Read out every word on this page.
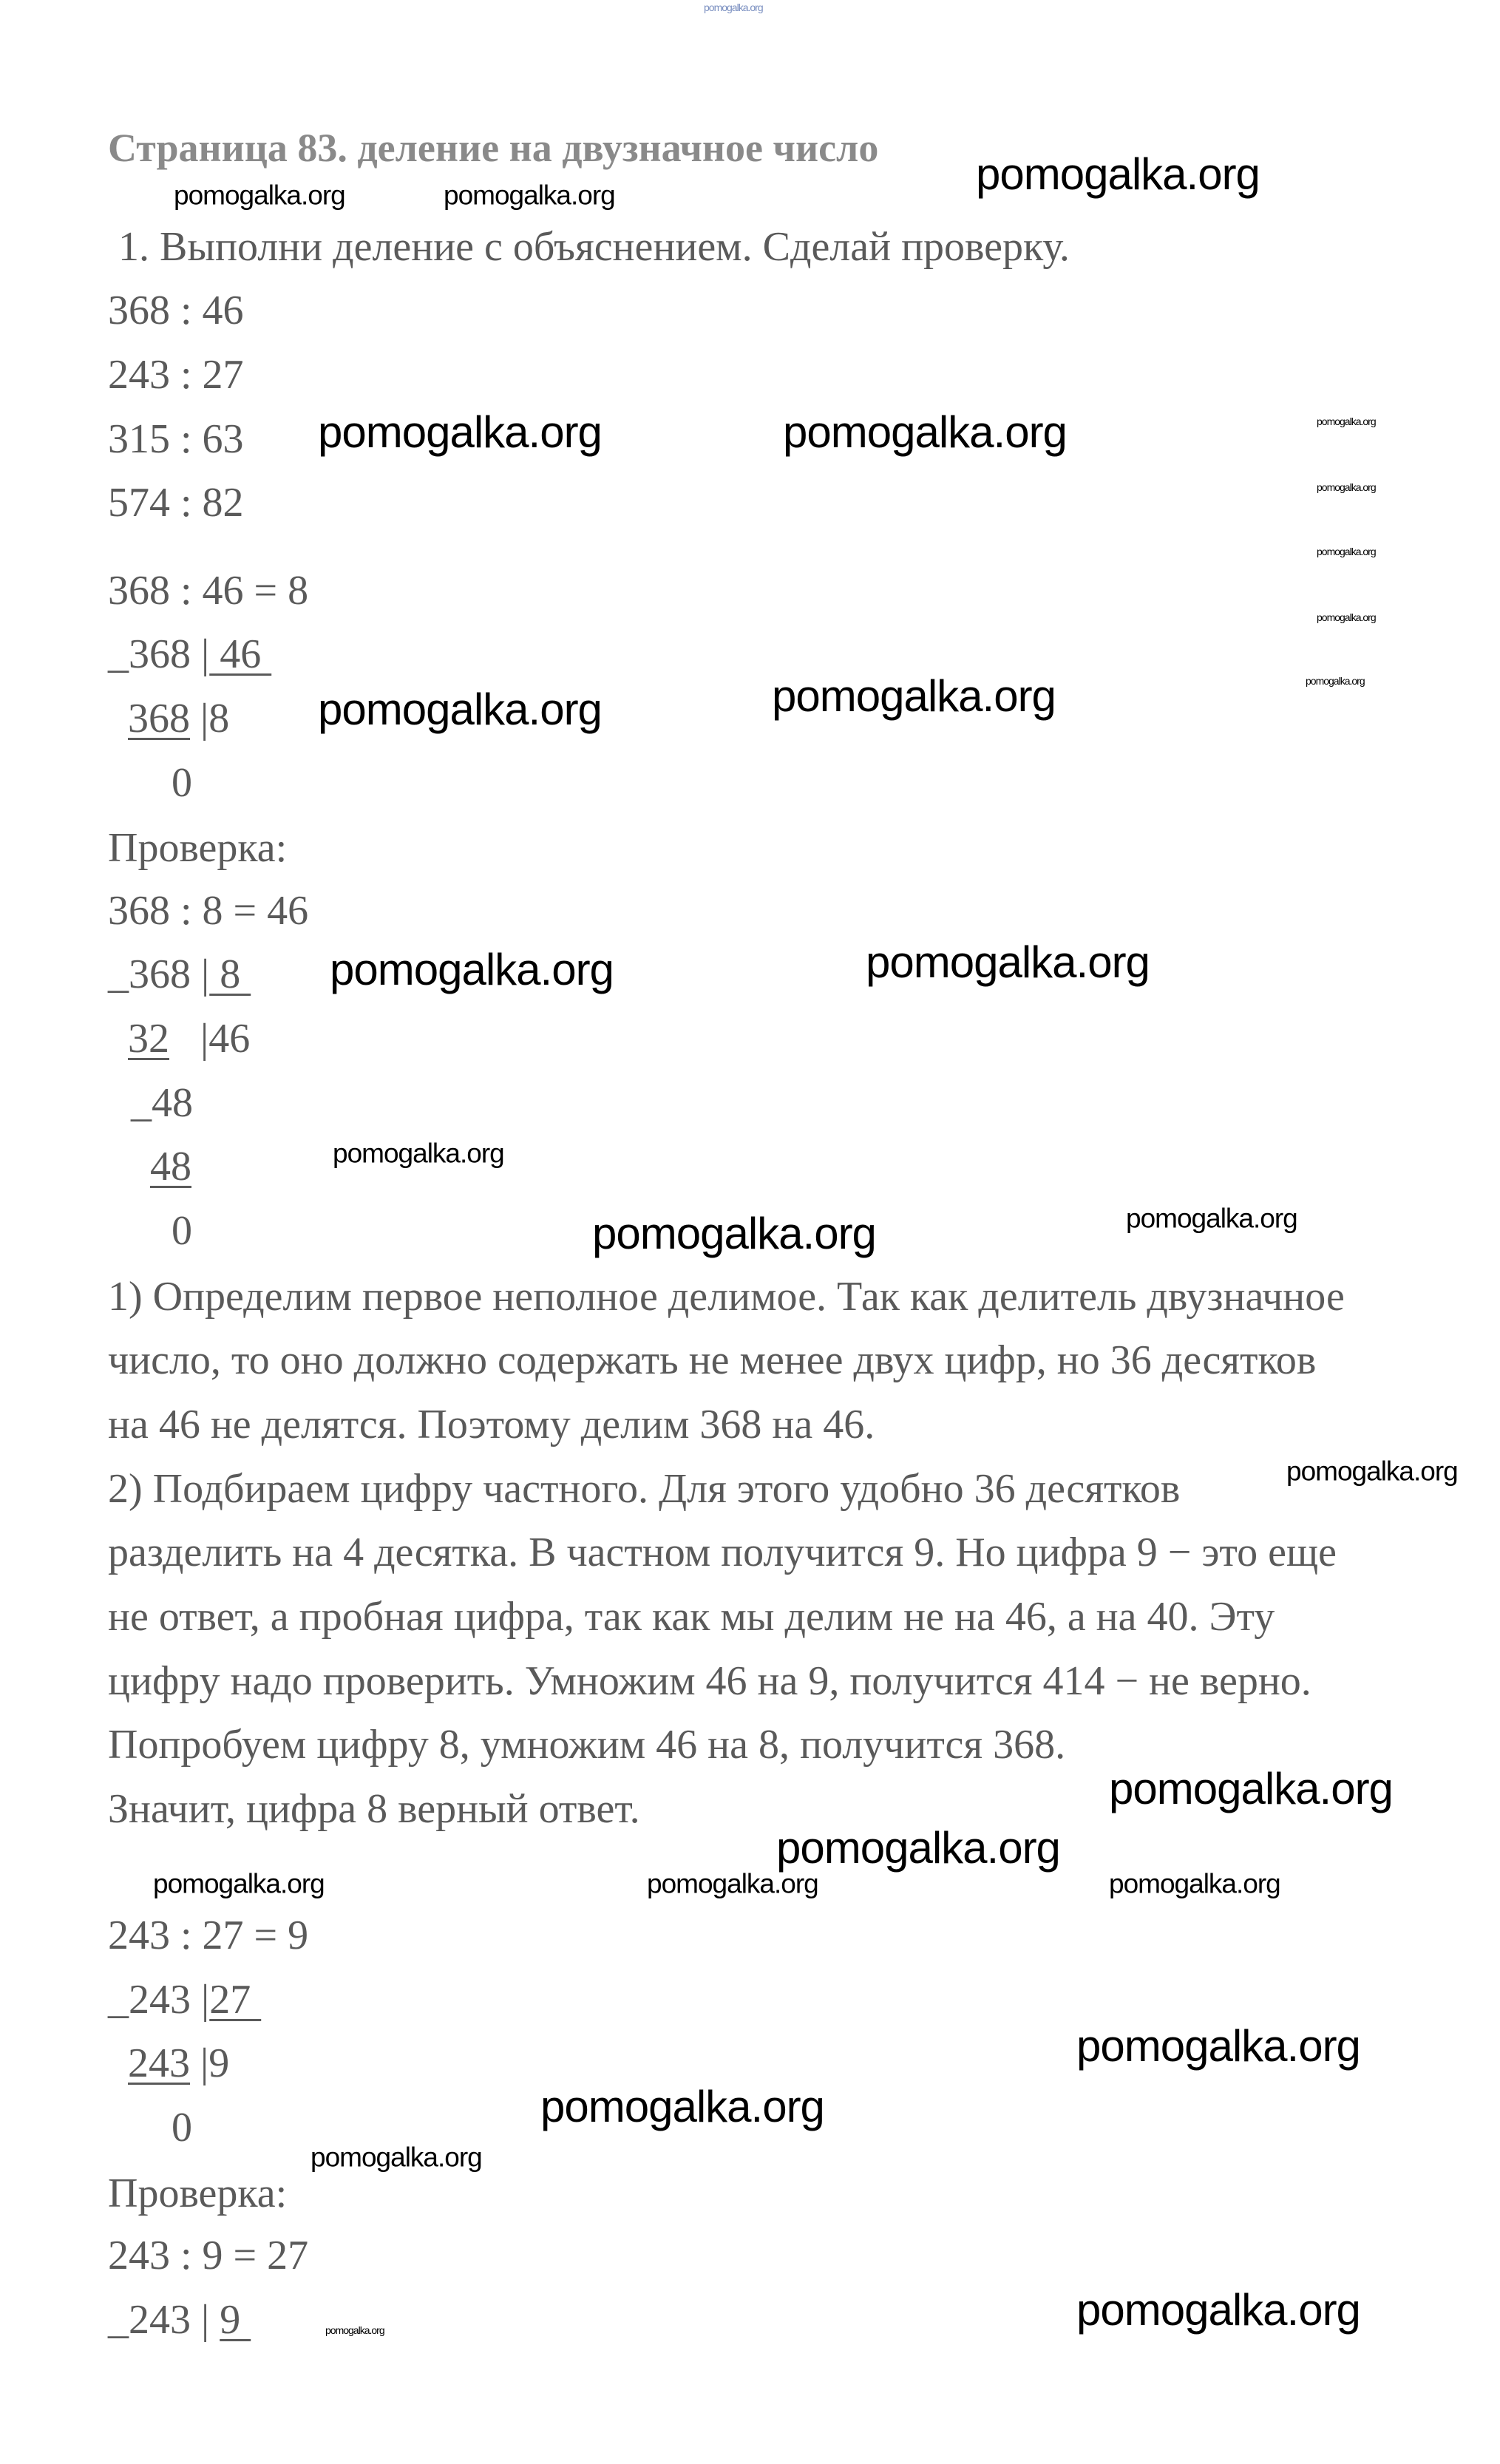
Страница 83. деление на двузначное число
1. Выполни деление с объяснением. Сделай проверку.
368 : 46
243 : 27
315 : 63
574 : 82
368 : 46 = 8
_368 | 46
368 |8
0
Проверка:
368 : 8 = 46
_368 | 8
32   |46
_48
48
0
1) Определим первое неполное делимое. Так как делитель двузначное
число, то оно должно содержать не менее двух цифр, но 36 десятков
на 46 не делятся. Поэтому делим 368 на 46.
2) Подбираем цифру частного. Для этого удобно 36 десятков
разделить на 4 десятка. В частном получится 9. Но цифра 9 − это еще
не ответ, а пробная цифра, так как мы делим не на 46, а на 40. Эту
цифру надо проверить. Умножим 46 на 9, получится 414 − не верно.
Попробуем цифру 8, умножим 46 на 8, получится 368.
Значит, цифра 8 верный ответ.
243 : 27 = 9
_243 |27
243 |9
0
Проверка:
243 : 9 = 27
_243 | 9
pomogalka.org
pomogalka.org
pomogalka.org	pomogalka.org
pomogalka.org	pomogalka.org	pomogalka.org
pomogalka.org
pomogalka.org
pomogalka.org
pomogalka.org
pomogalka.org	pomogalka.org
pomogalka.org	pomogalka.org
pomogalka.org
pomogalka.org
pomogalka.org
pomogalka.org	pomogalka.org
pomogalka.org
pomogalka.org
pomogalka.org
pomogalka.org
pomogalka.org
pomogalka.org
pomogalka.org
pomogalka.org
pomogalka.org
